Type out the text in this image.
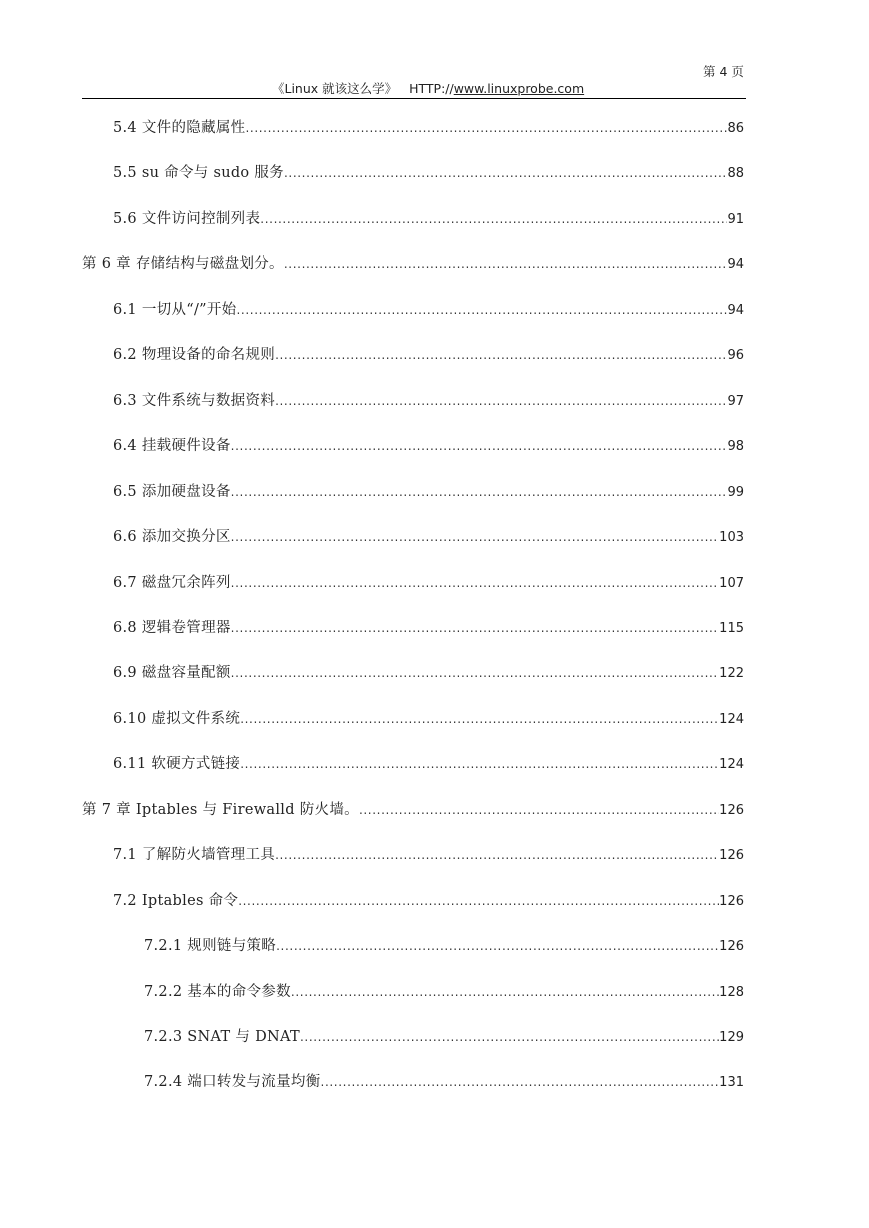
第 4 页
《Linux 就该这么学》 HTTP://www.linuxprobe.com
5.4 文件的隐藏属性 . . .	86
5.5 su 命令与 sudo 服务 . . .	88
5.6 文件访问控制列表 . . .	91
第 6 章 存储结构与磁盘划分。 . . .	94
6.1 一切从“/”开始 . . .	94
6.2 物理设备的命名规则 . . .	96
6.3 文件系统与数据资料 . . .	97
6.4 挂载硬件设备 . . .	98
6.5 添加硬盘设备 . . .	99
6.6 添加交换分区 . . .	103
6.7 磁盘冗余阵列 . . .	107
6.8 逻辑卷管理器 . . .	115
6.9 磁盘容量配额 . . .	122
6.10 虚拟文件系统 . . .	124
6.11 软硬方式链接 . . .	124
第 7 章 Iptables 与 Firewalld 防火墙。 . . .	126
7.1 了解防火墙管理工具 . . .	126
7.2 Iptables 命令 . . .	126
7.2.1 规则链与策略 . . .	126
7.2.2 基本的命令参数 . . .	128
7.2.3 SNAT 与 DNAT . . .	129
7.2.4 端口转发与流量均衡 . . .	131
